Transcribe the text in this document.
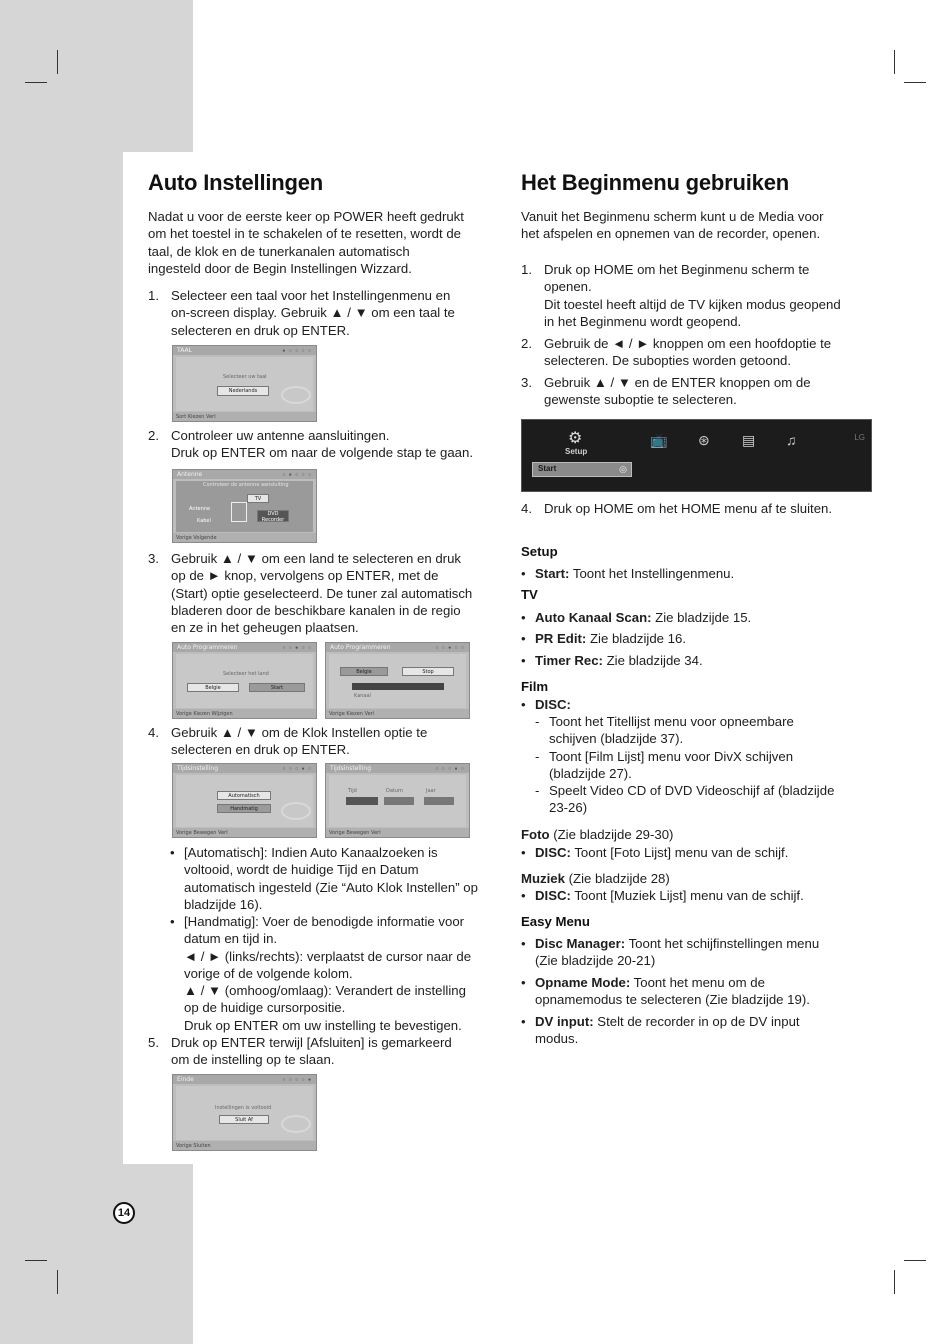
Auto Instellingen
Nadat u voor de eerste keer op POWER heeft gedrukt
om het toestel in te schakelen of te resetten, wordt de
taal, de klok en de tunerkanalen automatisch
ingesteld door de Begin Instellingen Wizzard.
1. Selecteer een taal voor het Instellingenmenu en
on-screen display. Gebruik ▲ / ▼ om een taal te
selecteren en druk op ENTER.
TAAL	● ○ ○ ○ ○
Selecteer uw taal
Nederlands
Sort Kiezen Verl
2. Controleer uw antenne aansluitingen.
Druk op ENTER om naar de volgende stap te gaan.
Antenne	○ ● ○ ○ ○
Controleer de antenne aansluiting
Antenne
Kabel
TV
DVD Recorder
Vorige Volgende
3. Gebruik ▲ / ▼ om een land te selecteren en druk
op de ► knop, vervolgens op ENTER, met de
(Start) optie geselecteerd. De tuner zal automatisch
bladeren door de beschikbare kanalen in de regio
en ze in het geheugen plaatsen.
Auto Programmeren	○ ○ ● ○ ○
Selecteer het land
Belgie	Start
Vorige Kiezen Wijzigen
Auto Programmeren	○ ○ ● ○ ○
Belgie	Stop
Kanaal
Vorige Kiezen Verl
4. Gebruik ▲ / ▼ om de Klok Instellen optie te
selecteren en druk op ENTER.
Tijdsinstelling	○ ○ ○ ● ○
Automatisch
Handmatig
Vorige Bewegen Verl
Tijdsinstelling	○ ○ ○ ● ○
Tijd	Datum	Jaar
Vorige Bewegen Verl
• [Automatisch]: Indien Auto Kanaalzoeken is
voltooid, wordt de huidige Tijd en Datum
automatisch ingesteld (Zie “Auto Klok Instellen” op
bladzijde 16).
• [Handmatig]: Voer de benodigde informatie voor
datum en tijd in.
◄ / ► (links/rechts): verplaatst de cursor naar de
vorige of de volgende kolom.
▲ / ▼ (omhoog/omlaag): Verandert de instelling
op de huidige cursorpositie.
Druk op ENTER om uw instelling te bevestigen.
5. Druk op ENTER terwijl [Afsluiten] is gemarkeerd
om de instelling op te slaan.
Einde	○ ○ ○ ○ ●
Instellingen is voltooid
Sluit Af
Vorige Sluiten
Het Beginmenu gebruiken
Vanuit het Beginmenu scherm kunt u de Media voor
het afspelen en opnemen van de recorder, openen.
1. Druk op HOME om het Beginmenu scherm te
openen.
Dit toestel heeft altijd de TV kijken modus geopend
in het Beginmenu wordt geopend.
2. Gebruik de ◄ / ► knoppen om een hoofdoptie te
selecteren. De subopties worden getoond.
3. Gebruik ▲ / ▼ en de ENTER knoppen om de
gewenste suboptie te selecteren.
⚙
Setup
📺 ⊛ ▤ ♫	LG
Start	◎
4. Druk op HOME om het HOME menu af te sluiten.
Setup
• Start: Toont het Instellingenmenu.
TV
• Auto Kanaal Scan: Zie bladzijde 15.
• PR Edit: Zie bladzijde 16.
• Timer Rec: Zie bladzijde 34.
Film
• DISC:
- Toont het Titellijst menu voor opneembare
schijven (bladzijde 37).
- Toont [Film Lijst] menu voor DivX schijven
(bladzijde 27).
- Speelt Video CD of DVD Videoschijf af (bladzijde
23-26)
Foto (Zie bladzijde 29-30)
• DISC: Toont [Foto Lijst] menu van de schijf.
Muziek (Zie bladzijde 28)
• DISC: Toont [Muziek Lijst] menu van de schijf.
Easy Menu
• Disc Manager: Toont het schijfinstellingen menu
(Zie bladzijde 20-21)
• Opname Mode: Toont het menu om de
opnamemodus te selecteren (Zie bladzijde 19).
• DV input: Stelt de recorder in op de DV input
modus.
14
